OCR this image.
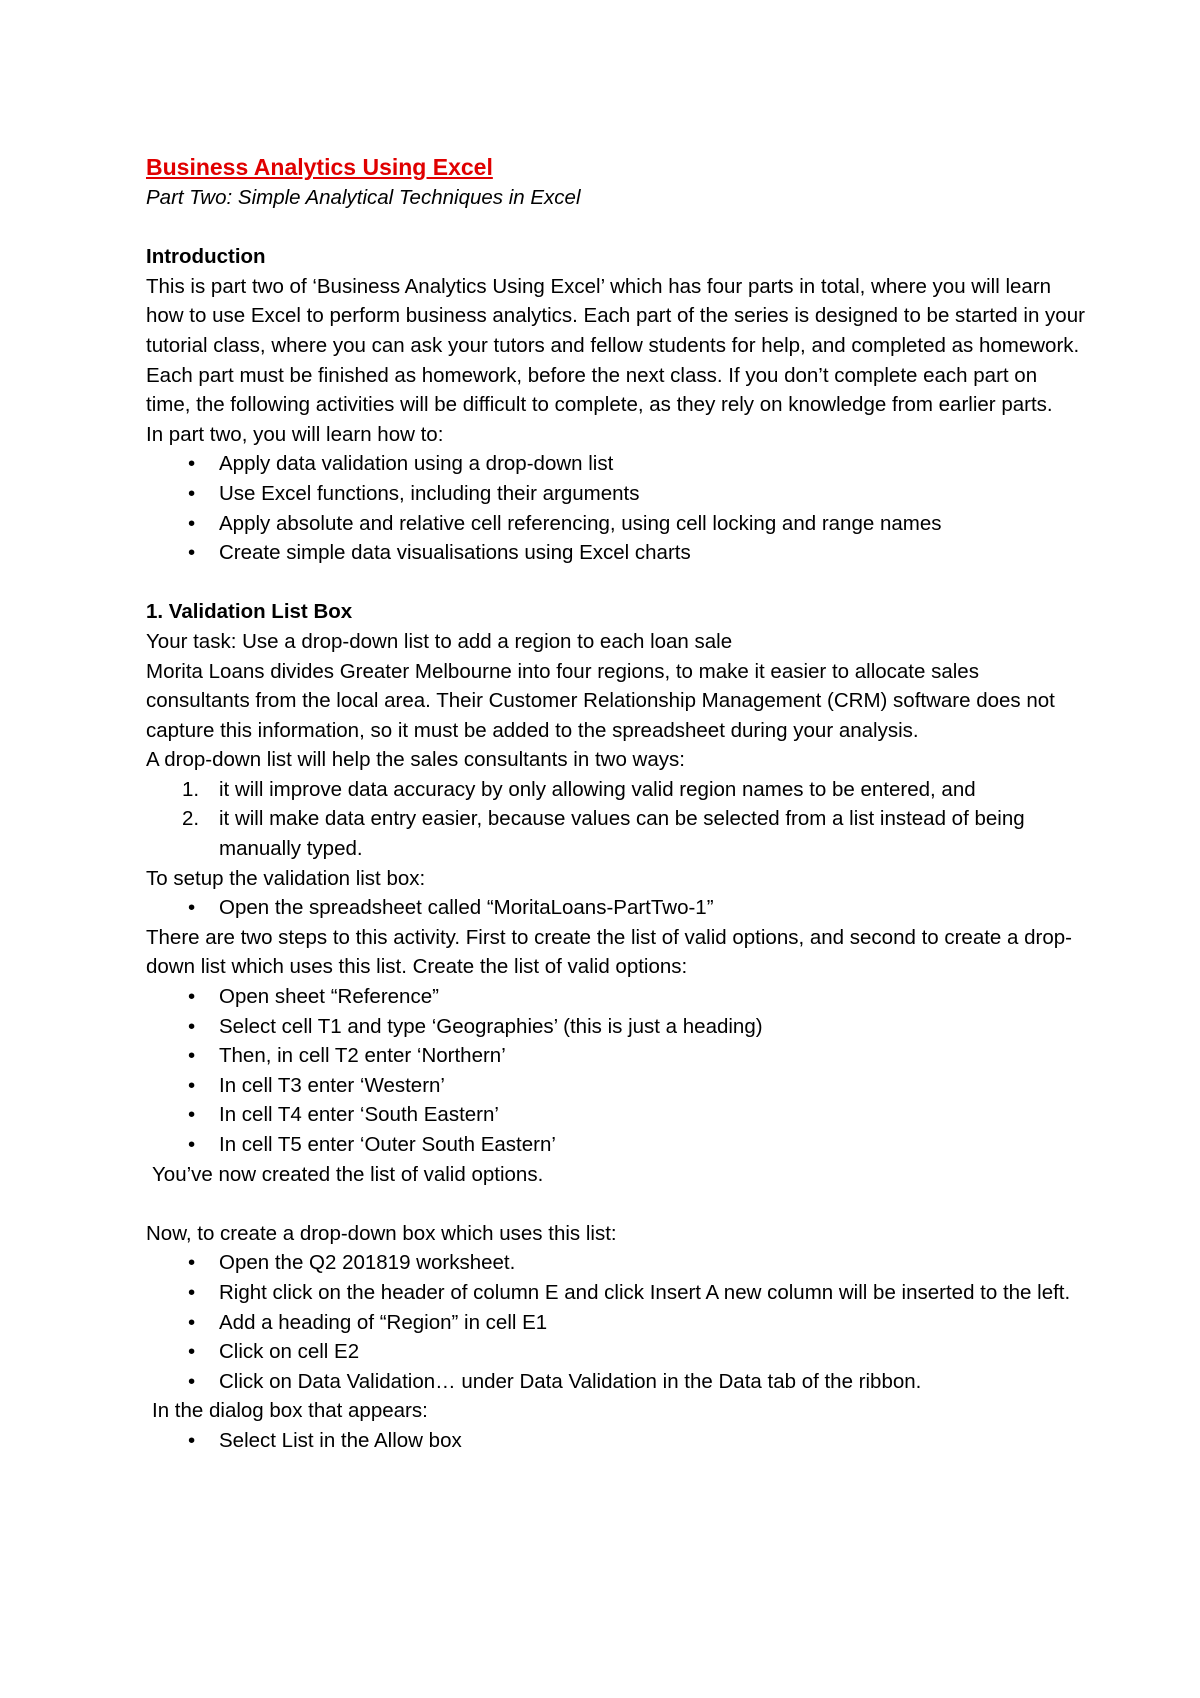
Business Analytics Using Excel
Part Two: Simple Analytical Techniques in Excel
Introduction

This is part two of ‘Business Analytics Using Excel’ which has four parts in total, where you will learn how to use Excel to perform business analytics. Each part of the series is designed to be started in your tutorial class, where you can ask your tutors and fellow students for help, and completed as homework. Each part must be finished as homework, before the next class. If you don’t complete each part on time, the following activities will be difficult to complete, as they rely on knowledge from earlier parts.

In part two, you will learn how to:

• Apply data validation using a drop-down list
• Use Excel functions, including their arguments
• Apply absolute and relative cell referencing, using cell locking and range names
• Create simple data visualisations using Excel charts
1. Validation List Box

Your task: Use a drop-down list to add a region to each loan sale

Morita Loans divides Greater Melbourne into four regions, to make it easier to allocate sales consultants from the local area. Their Customer Relationship Management (CRM) software does not capture this information, so it must be added to the spreadsheet during your analysis.

A drop-down list will help the sales consultants in two ways:

1. it will improve data accuracy by only allowing valid region names to be entered, and
2. it will make data entry easier, because values can be selected from a list instead of being manually typed.

To setup the validation list box:

• Open the spreadsheet called “MoritaLoans-PartTwo-1”

There are two steps to this activity. First to create the list of valid options, and second to create a drop-down list which uses this list. Create the list of valid options:

• Open sheet “Reference”
• Select cell T1 and type ‘Geographies’ (this is just a heading)
• Then, in cell T2 enter ‘Northern’
• In cell T3 enter ‘Western’
• In cell T4 enter ‘South Eastern’
• In cell T5 enter ‘Outer South Eastern’

You’ve now created the list of valid options.

Now, to create a drop-down box which uses this list:

• Open the Q2 201819 worksheet.
• Right click on the header of column E and click Insert A new column will be inserted to the left.
• Add a heading of “Region” in cell E1
• Click on cell E2
• Click on Data Validation… under Data Validation in the Data tab of the ribbon.

In the dialog box that appears:

• Select List in the Allow box
